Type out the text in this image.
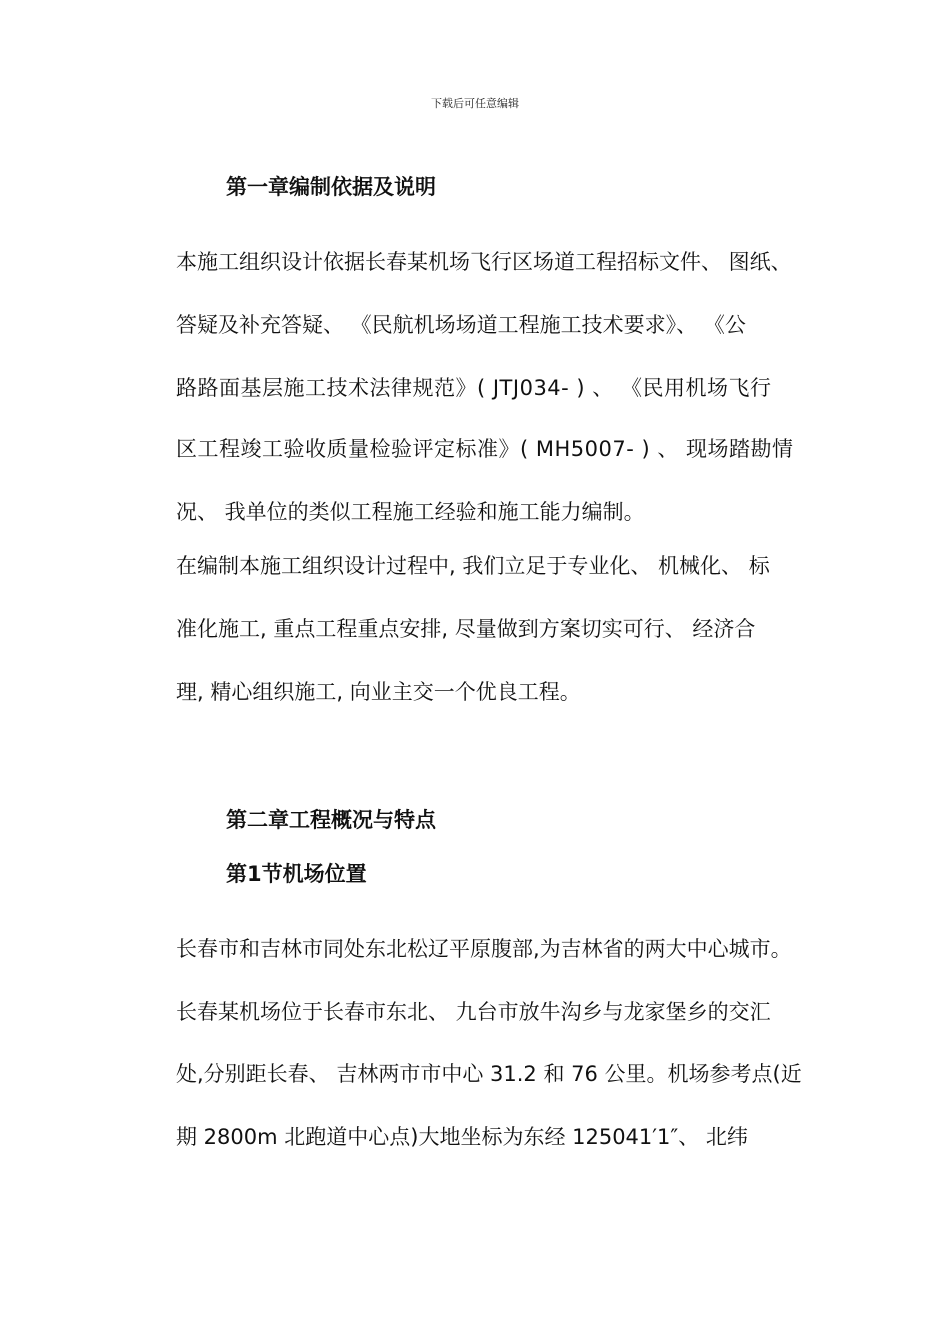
下载后可任意编辑
第一章编制依据及说明
本施工组织设计依据长春某机场飞行区场道工程招标文件、 图纸、
答疑及补充答疑、 《民航机场场道工程施工技术要求》、 《公
路路面基层施工技术法律规范》( JTJ034- ) 、 《民用机场飞行
区工程竣工验收质量检验评定标准》( MH5007- ) 、 现场踏勘情
况、 我单位的类似工程施工经验和施工能力编制。
在编制本施工组织设计过程中, 我们立足于专业化、 机械化、 标
准化施工, 重点工程重点安排, 尽量做到方案切实可行、 经济合
理, 精心组织施工, 向业主交一个优良工程。
第二章工程概况与特点
第1节机场位置
长春市和吉林市同处东北松辽平原腹部,为吉林省的两大中心城市。
长春某机场位于长春市东北、 九台市放牛沟乡与龙家堡乡的交汇
处,分别距长春、 吉林两市市中心 31.2 和 76 公里。机场参考点(近
期 2800m 北跑道中心点)大地坐标为东经 125041′1″、 北纬
